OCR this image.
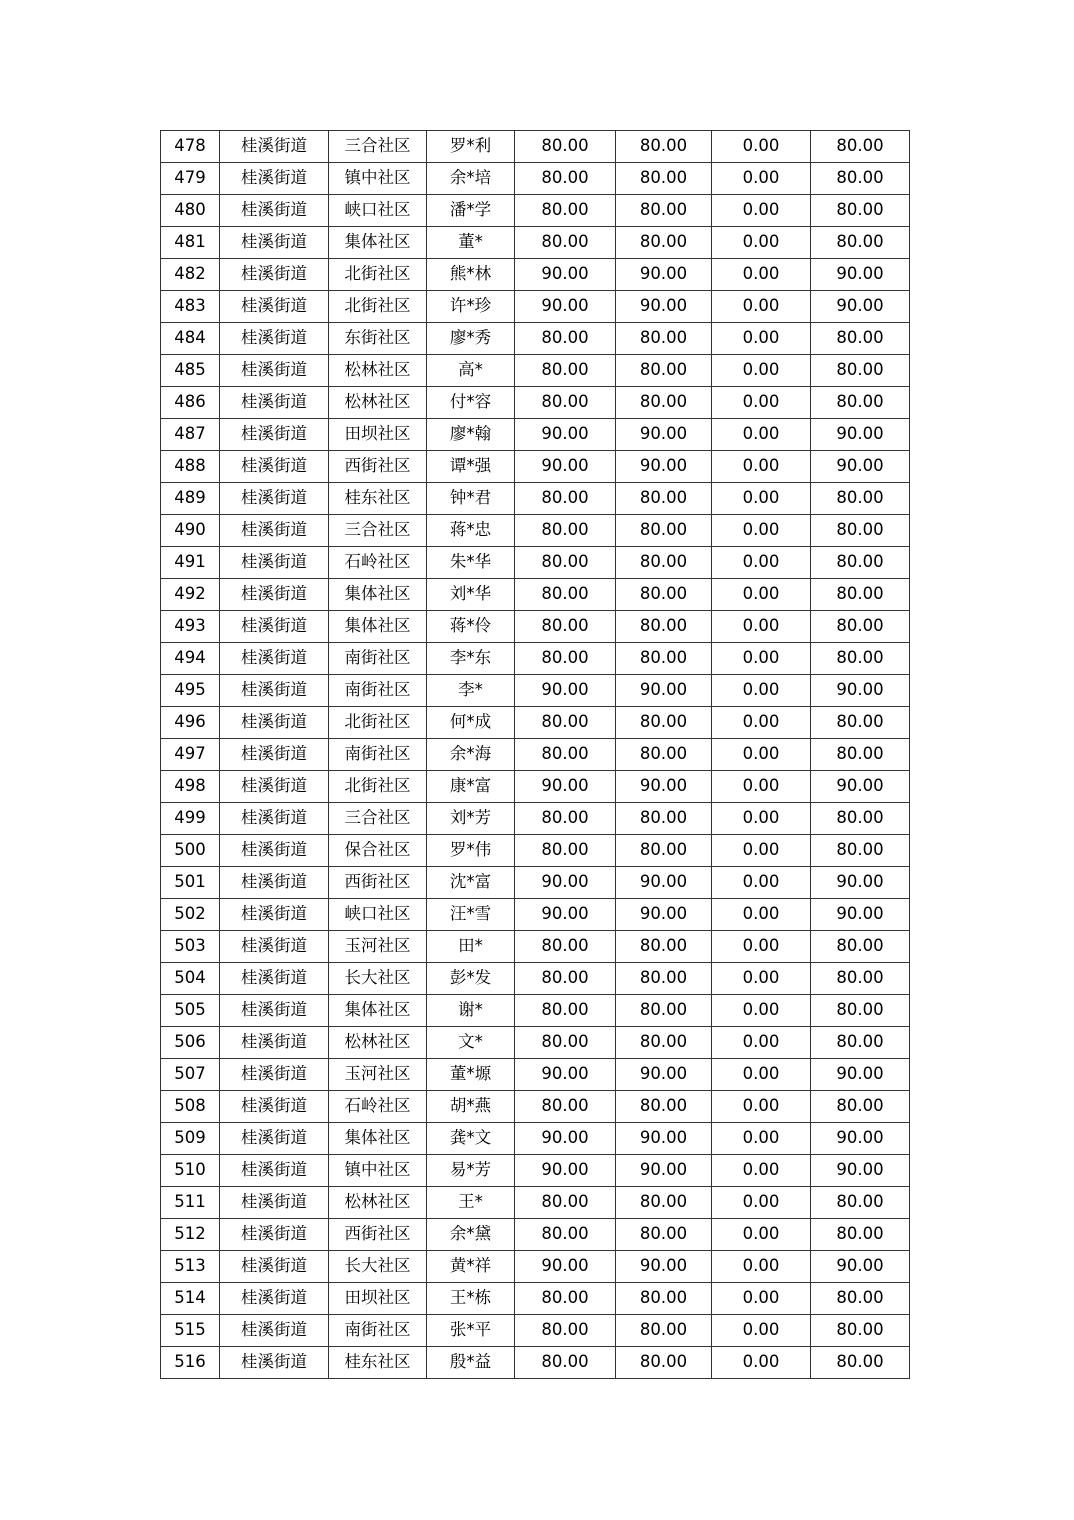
478	桂溪街道	三合社区	罗*利	80.00	80.00	0.00	80.00
479	桂溪街道	镇中社区	余*培	80.00	80.00	0.00	80.00
480	桂溪街道	峡口社区	潘*学	80.00	80.00	0.00	80.00
481	桂溪街道	集体社区	董*	80.00	80.00	0.00	80.00
482	桂溪街道	北街社区	熊*林	90.00	90.00	0.00	90.00
483	桂溪街道	北街社区	许*珍	90.00	90.00	0.00	90.00
484	桂溪街道	东街社区	廖*秀	80.00	80.00	0.00	80.00
485	桂溪街道	松林社区	高*	80.00	80.00	0.00	80.00
486	桂溪街道	松林社区	付*容	80.00	80.00	0.00	80.00
487	桂溪街道	田坝社区	廖*翰	90.00	90.00	0.00	90.00
488	桂溪街道	西街社区	谭*强	90.00	90.00	0.00	90.00
489	桂溪街道	桂东社区	钟*君	80.00	80.00	0.00	80.00
490	桂溪街道	三合社区	蒋*忠	80.00	80.00	0.00	80.00
491	桂溪街道	石岭社区	朱*华	80.00	80.00	0.00	80.00
492	桂溪街道	集体社区	刘*华	80.00	80.00	0.00	80.00
493	桂溪街道	集体社区	蒋*伶	80.00	80.00	0.00	80.00
494	桂溪街道	南街社区	李*东	80.00	80.00	0.00	80.00
495	桂溪街道	南街社区	李*	90.00	90.00	0.00	90.00
496	桂溪街道	北街社区	何*成	80.00	80.00	0.00	80.00
497	桂溪街道	南街社区	余*海	80.00	80.00	0.00	80.00
498	桂溪街道	北街社区	康*富	90.00	90.00	0.00	90.00
499	桂溪街道	三合社区	刘*芳	80.00	80.00	0.00	80.00
500	桂溪街道	保合社区	罗*伟	80.00	80.00	0.00	80.00
501	桂溪街道	西街社区	沈*富	90.00	90.00	0.00	90.00
502	桂溪街道	峡口社区	汪*雪	90.00	90.00	0.00	90.00
503	桂溪街道	玉河社区	田*	80.00	80.00	0.00	80.00
504	桂溪街道	长大社区	彭*发	80.00	80.00	0.00	80.00
505	桂溪街道	集体社区	谢*	80.00	80.00	0.00	80.00
506	桂溪街道	松林社区	文*	80.00	80.00	0.00	80.00
507	桂溪街道	玉河社区	董*塬	90.00	90.00	0.00	90.00
508	桂溪街道	石岭社区	胡*燕	80.00	80.00	0.00	80.00
509	桂溪街道	集体社区	龚*文	90.00	90.00	0.00	90.00
510	桂溪街道	镇中社区	易*芳	90.00	90.00	0.00	90.00
511	桂溪街道	松林社区	王*	80.00	80.00	0.00	80.00
512	桂溪街道	西街社区	余*黛	80.00	80.00	0.00	80.00
513	桂溪街道	长大社区	黄*祥	90.00	90.00	0.00	90.00
514	桂溪街道	田坝社区	王*栋	80.00	80.00	0.00	80.00
515	桂溪街道	南街社区	张*平	80.00	80.00	0.00	80.00
516	桂溪街道	桂东社区	殷*益	80.00	80.00	0.00	80.00
